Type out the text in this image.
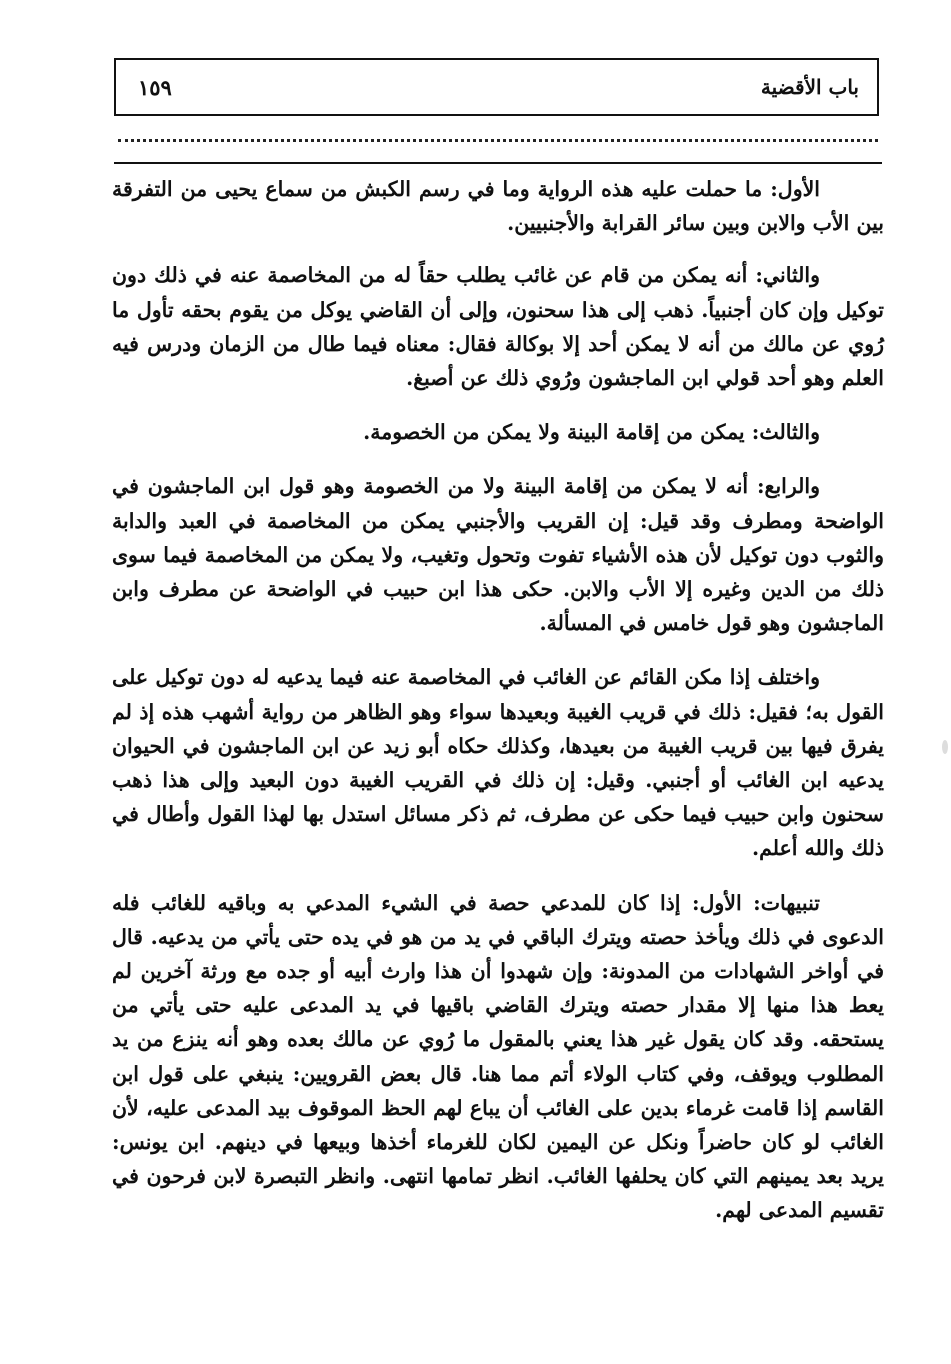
١٥٩	باب الأقضية

الأول: ما حملت عليه هذه الرواية وما في رسم الكبش من سماع يحيى من التفرقة بين الأب والابن وبين سائر القرابة والأجنبيين.

والثاني: أنه يمكن من قام عن غائب يطلب حقاً له من المخاصمة عنه في ذلك دون توكيل وإن كان أجنبياً. ذهب إلى هذا سحنون، وإلى أن القاضي يوكل من يقوم بحقه تأول ما رُوي عن مالك من أنه لا يمكن أحد إلا بوكالة فقال: معناه فيما طال من الزمان ودرس فيه العلم وهو أحد قولي ابن الماجشون ورُوي ذلك عن أصبغ.

والثالث: يمكن من إقامة البينة ولا يمكن من الخصومة.

والرابع: أنه لا يمكن من إقامة البينة ولا من الخصومة وهو قول ابن الماجشون في الواضحة ومطرف وقد قيل: إن القريب والأجنبي يمكن من المخاصمة في العبد والدابة والثوب دون توكيل لأن هذه الأشياء تفوت وتحول وتغيب، ولا يمكن من المخاصمة فيما سوى ذلك من الدين وغيره إلا الأب والابن. حكى هذا ابن حبيب في الواضحة عن مطرف وابن الماجشون وهو قول خامس في المسألة.

واختلف إذا مكن القائم عن الغائب في المخاصمة عنه فيما يدعيه له دون توكيل على القول به؛ فقيل: ذلك في قريب الغيبة وبعيدها سواء وهو الظاهر من رواية أشهب هذه إذ لم يفرق فيها بين قريب الغيبة من بعيدها، وكذلك حكاه أبو زيد عن ابن الماجشون في الحيوان يدعيه ابن الغائب أو أجنبي. وقيل: إن ذلك في القريب الغيبة دون البعيد وإلى هذا ذهب سحنون وابن حبيب فيما حكى عن مطرف، ثم ذكر مسائل استدل بها لهذا القول وأطال في ذلك والله أعلم.

تنبيهات: الأول: إذا كان للمدعي حصة في الشيء المدعي به وباقيه للغائب فله الدعوى في ذلك ويأخذ حصته ويترك الباقي في يد من هو في يده حتى يأتي من يدعيه. قال في أواخر الشهادات من المدونة: وإن شهدوا أن هذا وارث أبيه أو جده مع ورثة آخرين لم يعط هذا منها إلا مقدار حصته ويترك القاضي باقيها في يد المدعى عليه حتى يأتي من يستحقه. وقد كان يقول غير هذا يعني بالمقول ما رُوي عن مالك بعده وهو أنه ينزع من يد المطلوب ويوقف، وفي كتاب الولاء أتم مما هنا. قال بعض القرويين: ينبغي على قول ابن القاسم إذا قامت غرماء بدين على الغائب أن يباع لهم الحظ الموقوف بيد المدعى عليه، لأن الغائب لو كان حاضراً ونكل عن اليمين لكان للغرماء أخذها وبيعها في دينهم. ابن يونس: يريد بعد يمينهم التي كان يحلفها الغائب. انظر تمامها انتهى. وانظر التبصرة لابن فرحون في تقسيم المدعى لهم.
